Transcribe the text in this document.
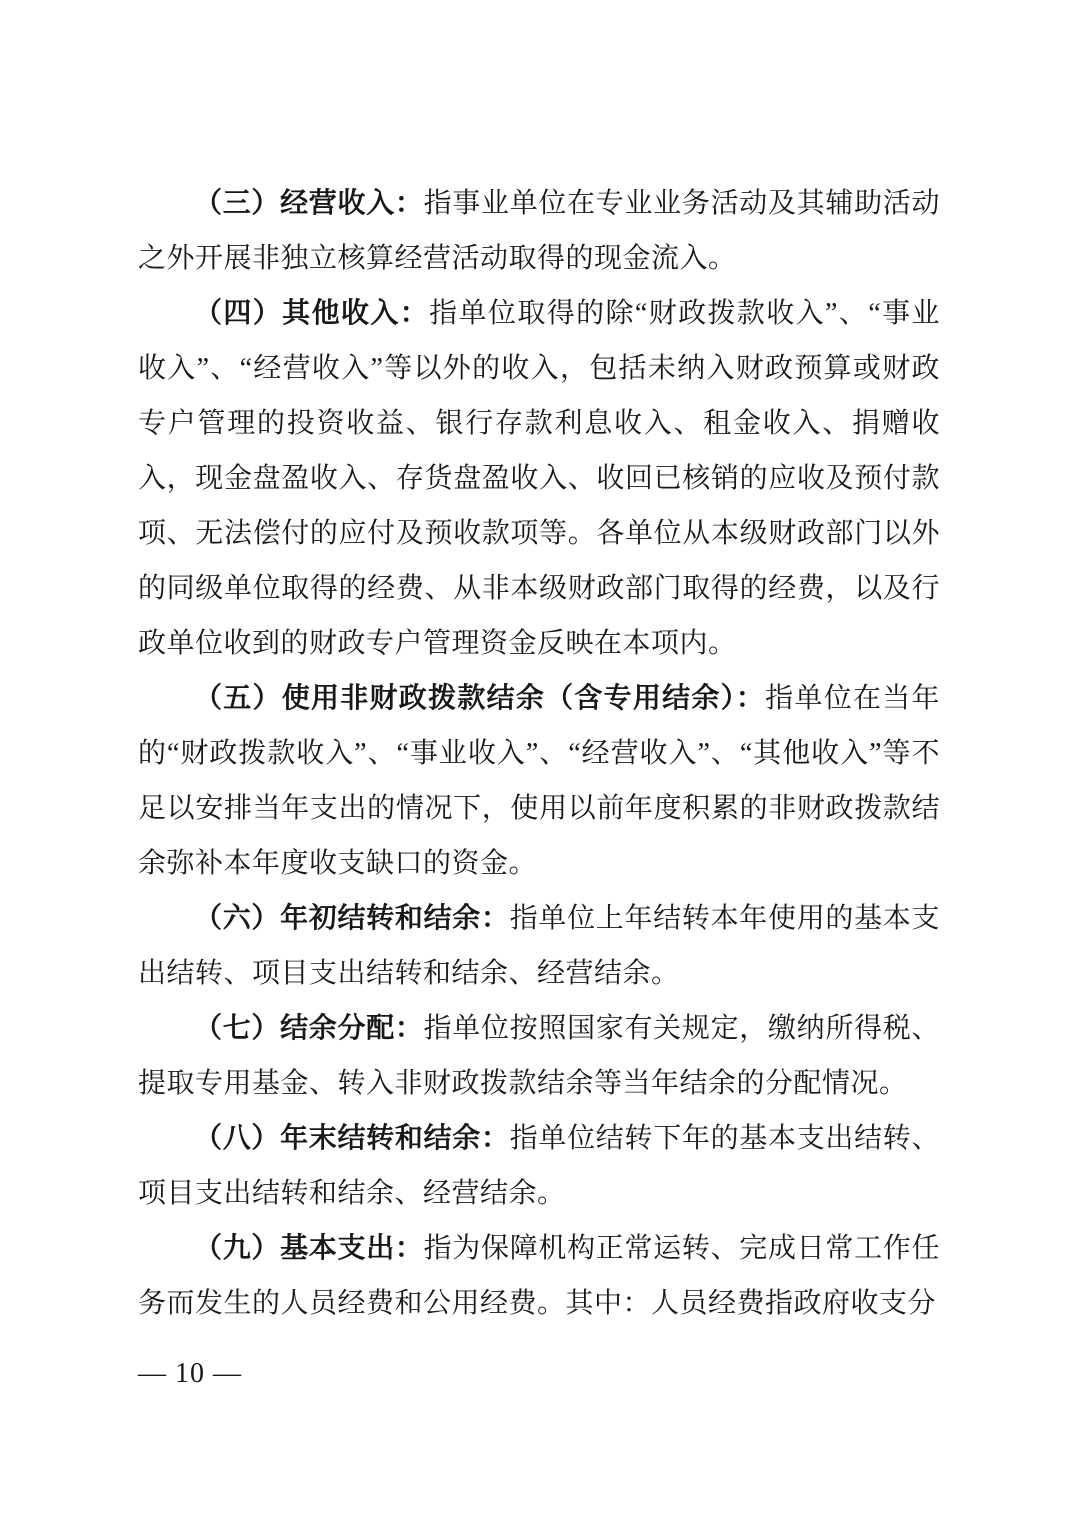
（三）经营收入：指事业单位在专业业务活动及其辅助活动之外开展非独立核算经营活动取得的现金流入。

（四）其他收入：指单位取得的除“财政拨款收入”、“事业收入”、“经营收入”等以外的收入，包括未纳入财政预算或财政专户管理的投资收益、银行存款利息收入、租金收入、捐赠收入，现金盘盈收入、存货盘盈收入、收回已核销的应收及预付款项、无法偿付的应付及预收款项等。各单位从本级财政部门以外的同级单位取得的经费、从非本级财政部门取得的经费，以及行政单位收到的财政专户管理资金反映在本项内。

（五）使用非财政拨款结余（含专用结余）：指单位在当年的“财政拨款收入”、“事业收入”、“经营收入”、“其他收入”等不足以安排当年支出的情况下，使用以前年度积累的非财政拨款结余弥补本年度收支缺口的资金。

（六）年初结转和结余：指单位上年结转本年使用的基本支出结转、项目支出结转和结余、经营结余。

（七）结余分配：指单位按照国家有关规定，缴纳所得税、提取专用基金、转入非财政拨款结余等当年结余的分配情况。

（八）年末结转和结余：指单位结转下年的基本支出结转、项目支出结转和结余、经营结余。

（九）基本支出：指为保障机构正常运转、完成日常工作任务而发生的人员经费和公用经费。其中：人员经费指政府收支分

— 10 —
